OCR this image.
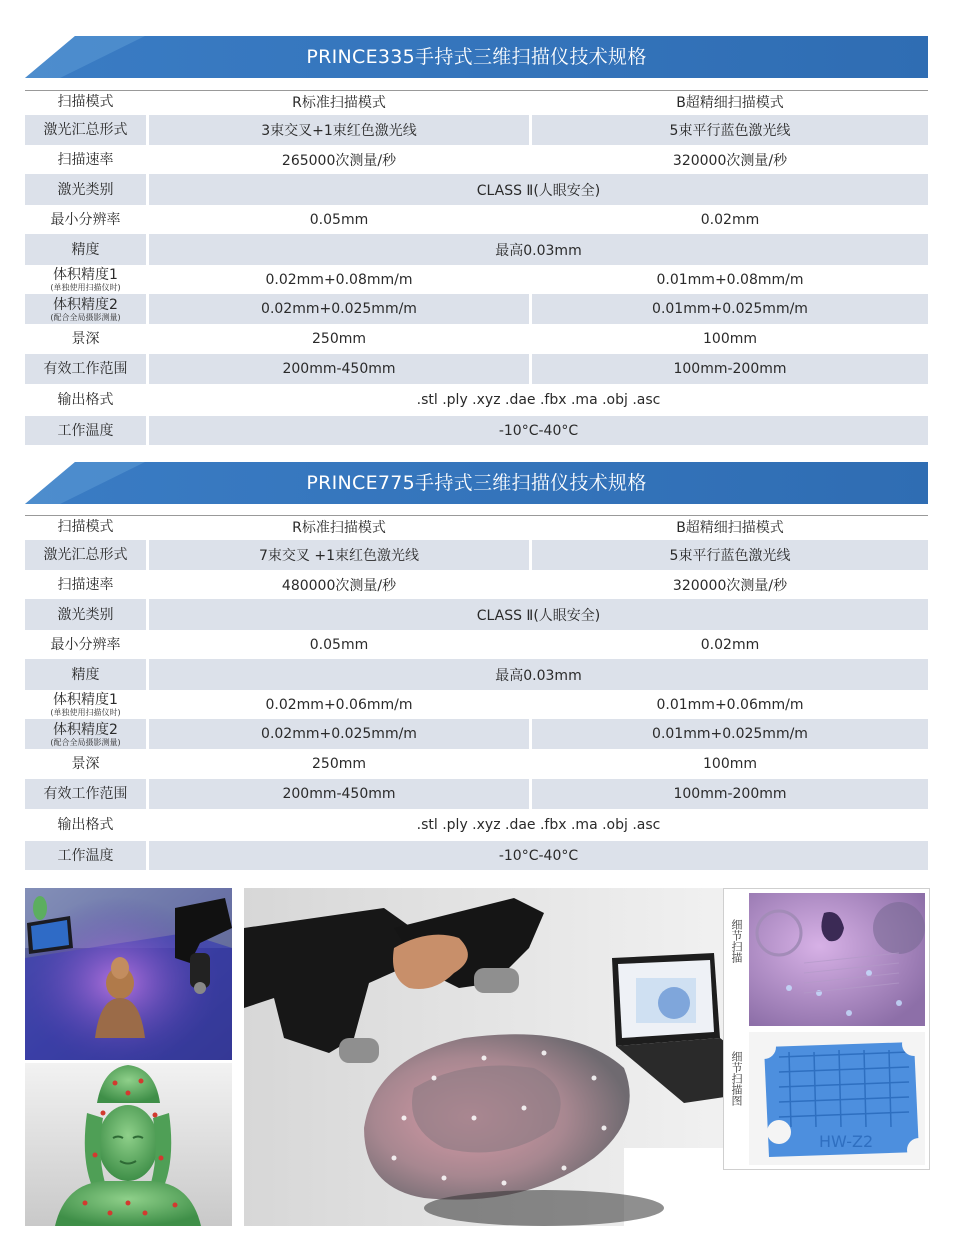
PRINCE335手持式三维扫描仪技术规格
扫描模式	R标准扫描模式	B超精细扫描模式
激光汇总形式	3束交叉+1束红色激光线	5束平行蓝色激光线
扫描速率	265000次测量/秒	320000次测量/秒
激光类别	CLASS Ⅱ(人眼安全)
最小分辨率	0.05mm	0.02mm
精度	最高0.03mm
体积精度1
(单独使用扫描仪时)	0.02mm+0.08mm/m	0.01mm+0.08mm/m
体积精度2
(配合全局摄影测量)	0.02mm+0.025mm/m	0.01mm+0.025mm/m
景深	250mm	100mm
有效工作范围	200mm-450mm	100mm-200mm
输出格式	.stl .ply .xyz .dae .fbx .ma .obj .asc
工作温度	-10°C-40°C
PRINCE775手持式三维扫描仪技术规格
扫描模式	R标准扫描模式	B超精细扫描模式
激光汇总形式	7束交叉 +1束红色激光线	5束平行蓝色激光线
扫描速率	480000次测量/秒	320000次测量/秒
激光类别	CLASS Ⅱ(人眼安全)
最小分辨率	0.05mm	0.02mm
精度	最高0.03mm
体积精度1
(单独使用扫描仪时)	0.02mm+0.06mm/m	0.01mm+0.06mm/m
体积精度2
(配合全局摄影测量)	0.02mm+0.025mm/m	0.01mm+0.025mm/m
景深	250mm	100mm
有效工作范围	200mm-450mm	100mm-200mm
输出格式	.stl .ply .xyz .dae .fbx .ma .obj .asc
工作温度	-10°C-40°C
细节扫描
细节扫描图
HW-Z2
